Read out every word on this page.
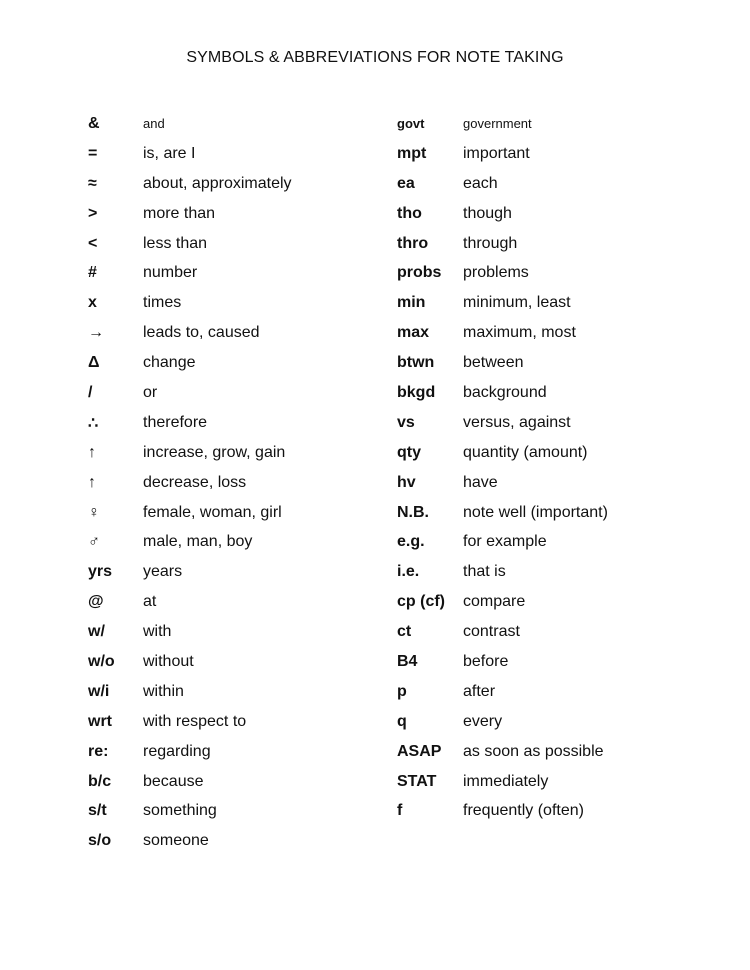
SYMBOLS & ABBREVIATIONS FOR NOTE TAKING
&	and
=	is, are I
≈	about, approximately
>	more than
<	less than
#	number
x	times
→	leads to, caused
Δ	change
/	or
∴	therefore
↑	increase, grow, gain
↑	decrease, loss
♀	female, woman, girl
♂	male, man, boy
yrs	years
@	at
w/	with
w/o	without
w/i	within
wrt	with respect to
re:	regarding
b/c	because
s/t	something
s/o	someone
govt	government
mpt	important
ea	each
tho	though
thro	through
probs	problems
min	minimum, least
max	maximum, most
btwn	between
bkgd	background
vs	versus, against
qty	quantity (amount)
hv	have
N.B.	note well (important)
e.g.	for example
i.e.	that is
cp (cf)	compare
ct	contrast
B4	before
p	after
q	every
ASAP	as soon as possible
STAT	immediately
f	frequently (often)
